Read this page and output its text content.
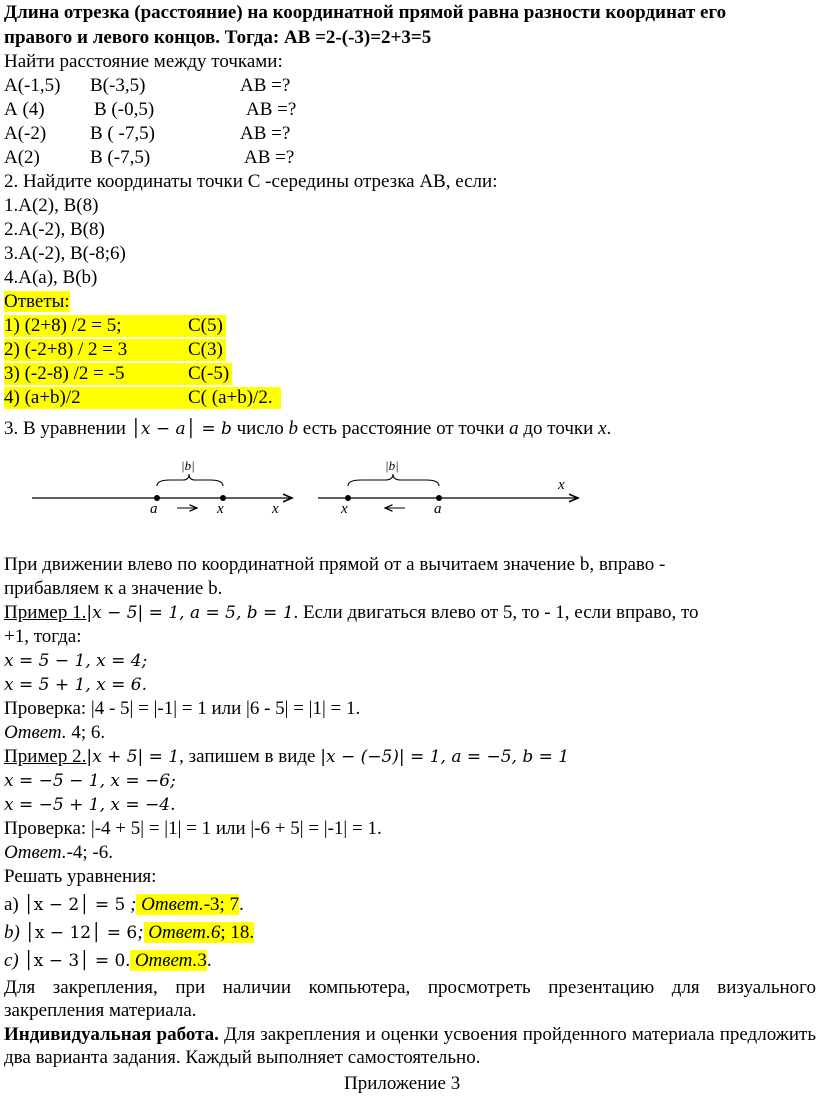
Длина отрезка (расстояние) на координатной прямой равна разности координат его
правого и левого концов. Тогда: АВ =2-(-3)=2+3=5
Найти расстояние между точками:
А(-1,5) В(-3,5)	АВ =?
А (4)	В (-0,5)	АВ =?
А(-2) В ( -7,5)	АВ =?
А(2)	В (-7,5)	АВ =?
2. Найдите координаты точки С -середины отрезка АВ, если:
1.А(2), В(8)
2.А(-2), В(8)
3.А(-2), В(-8;6)
4.А(а), В(b)
Ответы:
1) (2+8) /2 = 5;	С(5)
2) (-2+8) / 2 = 3	С(3)
3) (-2-8) /2 = -5	С(-5)
4) (a+b)/2	С( (a+b)/2.
3. В уравнении │x − a│ = b число b есть расстояние от точки a до точки x.
|b|
a	x	x
|b|
x	a
x
При движении влево по координатной прямой от а вычитаем значение b, вправо -
прибавляем к а значение b.
Пример 1.|x − 5| = 1, a = 5, b = 1. Если двигаться влево от 5, то - 1, если вправо, то
+1, тогда:
x = 5 − 1, x = 4;
x = 5 + 1, x = 6.
Проверка: |4 - 5| = |-1| = 1 или |6 - 5| = |1| = 1.
Ответ. 4; 6.
Пример 2.|x + 5| = 1, запишем в виде |x − (−5)| = 1, a = −5, b = 1
x = −5 − 1, x = −6;
x = −5 + 1, x = −4.
Проверка: |-4 + 5| = |1| = 1 или |-6 + 5| = |-1| = 1.
Ответ.-4; -6.
Решать уравнения:
а) │x − 2│ = 5 ; Ответ.-3; 7.
b) │x − 12│ = 6; Ответ.6; 18.
c) │x − 3│ = 0. Ответ.3.
Для закрепления, при наличии компьютера, просмотреть презентацию для визуального закрепления материала.
Индивидуальная работа. Для закрепления и оценки усвоения пройденного материала предложить два варианта задания. Каждый выполняет самостоятельно.
Приложение 3
